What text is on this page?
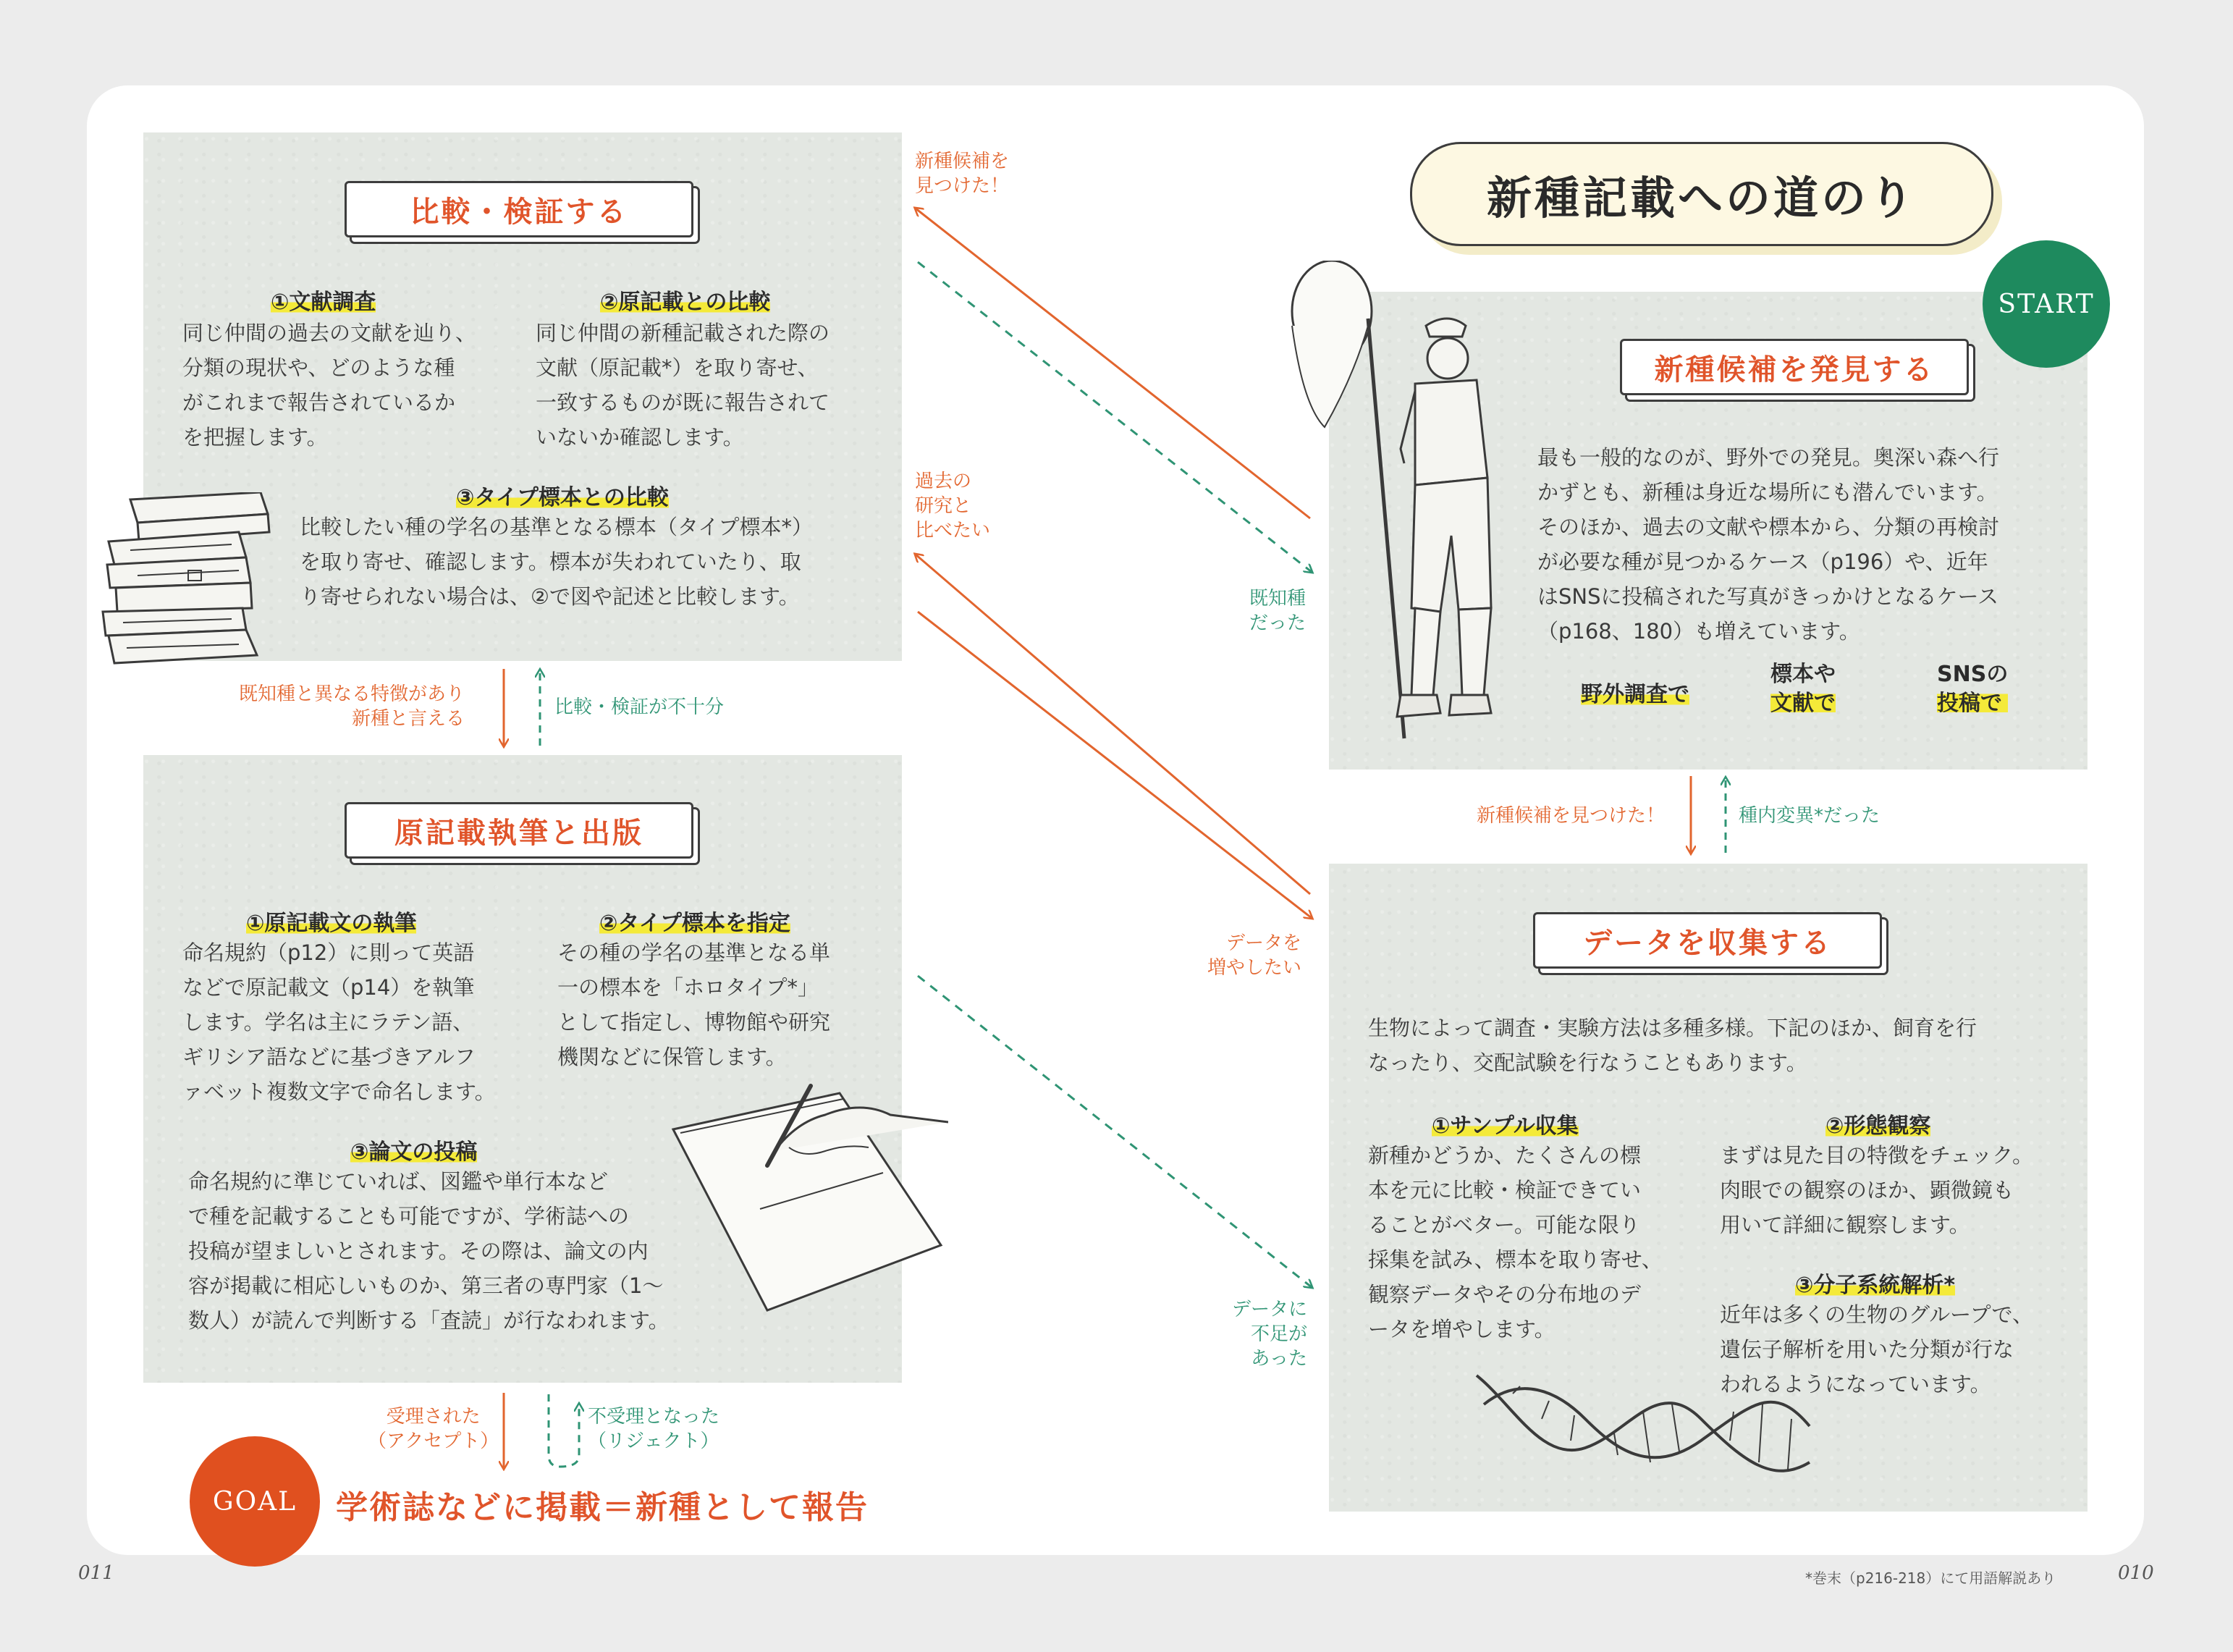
新種記載への道のり
START
比較・検証する
①文献調査
同じ仲間の過去の文献を辿り、
分類の現状や、どのような種
がこれまで報告されているか
を把握します。
②原記載との比較
同じ仲間の新種記載された際の
文献（原記載*）を取り寄せ、
一致するものが既に報告されて
いないか確認します。
③タイプ標本との比較
比較したい種の学名の基準となる標本（タイプ標本*）
を取り寄せ、確認します。標本が失われていたり、取
り寄せられない場合は、②で図や記述と比較します。
原記載執筆と出版
①原記載文の執筆
命名規約（p12）に則って英語
などで原記載文（p14）を執筆
します。学名は主にラテン語、
ギリシア語などに基づきアルフ
ァベット複数文字で命名します。
②タイプ標本を指定
その種の学名の基準となる単
一の標本を「ホロタイプ*」
として指定し、博物館や研究
機関などに保管します。
③論文の投稿
命名規約に準じていれば、図鑑や単行本など
で種を記載することも可能ですが、学術誌への
投稿が望ましいとされます。その際は、論文の内
容が掲載に相応しいものか、第三者の専門家（1～
数人）が読んで判断する「査読」が行なわれます。
新種候補を発見する
最も一般的なのが、野外での発見。奥深い森へ行
かずとも、新種は身近な場所にも潜んでいます。
そのほか、過去の文献や標本から、分類の再検討
が必要な種が見つかるケース（p196）や、近年
はSNSに投稿された写真がきっかけとなるケース
（p168、180）も増えています。
野外調査で
標本や
文献で
SNSの
投稿で
データを収集する
生物によって調査・実験方法は多種多様。下記のほか、飼育を行
なったり、交配試験を行なうこともあります。
①サンプル収集
新種かどうか、たくさんの標
本を元に比較・検証できてい
ることがベター。可能な限り
採集を試み、標本を取り寄せ、
観察データやその分布地のデ
ータを増やします。
②形態観察
まずは見た目の特徴をチェック。
肉眼での観察のほか、顕微鏡も
用いて詳細に観察します。
③分子系統解析*
近年は多くの生物のグループで、
遺伝子解析を用いた分類が行な
われるようになっています。
新種候補を
見つけた！
既知種
だった
過去の
研究と
比べたい
データを
増やしたい
データに
不足が
あった
新種候補を見つけた！	種内変異*だった
既知種と異なる特徴があり
新種と言える
比較・検証が不十分
受理された
（アクセプト）
不受理となった
（リジェクト）
GOAL 学術誌などに掲載＝新種として報告
011	*巻末（p216-218）にて用語解説あり	010
